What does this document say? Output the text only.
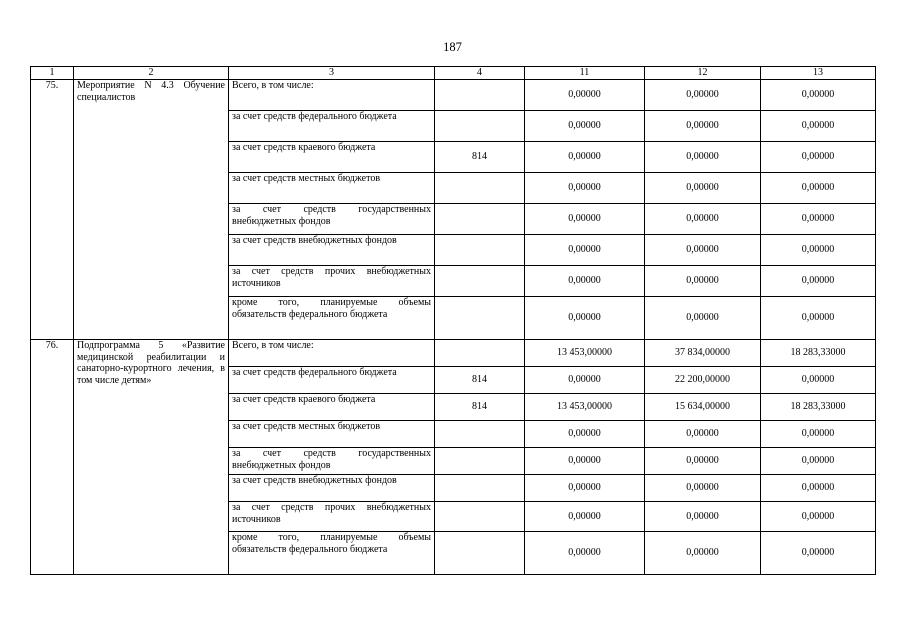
187
1	2	3	4	11	12	13
75.	Мероприятие N 4.3 Обучение специалистов	Всего, в том числе:		0,00000	0,00000	0,00000
		за счет средств федерального бюджета		0,00000	0,00000	0,00000
		за счет средств краевого бюджета	814	0,00000	0,00000	0,00000
		за счет средств местных бюджетов		0,00000	0,00000	0,00000
		за счет средств государственных внебюджетных фондов		0,00000	0,00000	0,00000
		за счет средств внебюджетных фондов		0,00000	0,00000	0,00000
		за счет средств прочих внебюджетных источников		0,00000	0,00000	0,00000
		кроме того, планируемые объемы обязательств федерального бюджета		0,00000	0,00000	0,00000
76.	Подпрограмма 5 «Развитие медицинской реабилитации и санаторно-курортного лечения, в том числе детям»	Всего, в том числе:		13 453,00000	37 834,00000	18 283,33000
		за счет средств федерального бюджета	814	0,00000	22 200,00000	0,00000
		за счет средств краевого бюджета	814	13 453,00000	15 634,00000	18 283,33000
		за счет средств местных бюджетов		0,00000	0,00000	0,00000
		за счет средств государственных внебюджетных фондов		0,00000	0,00000	0,00000
		за счет средств внебюджетных фондов		0,00000	0,00000	0,00000
		за счет средств прочих внебюджетных источников		0,00000	0,00000	0,00000
		кроме того, планируемые объемы обязательств федерального бюджета		0,00000	0,00000	0,00000
